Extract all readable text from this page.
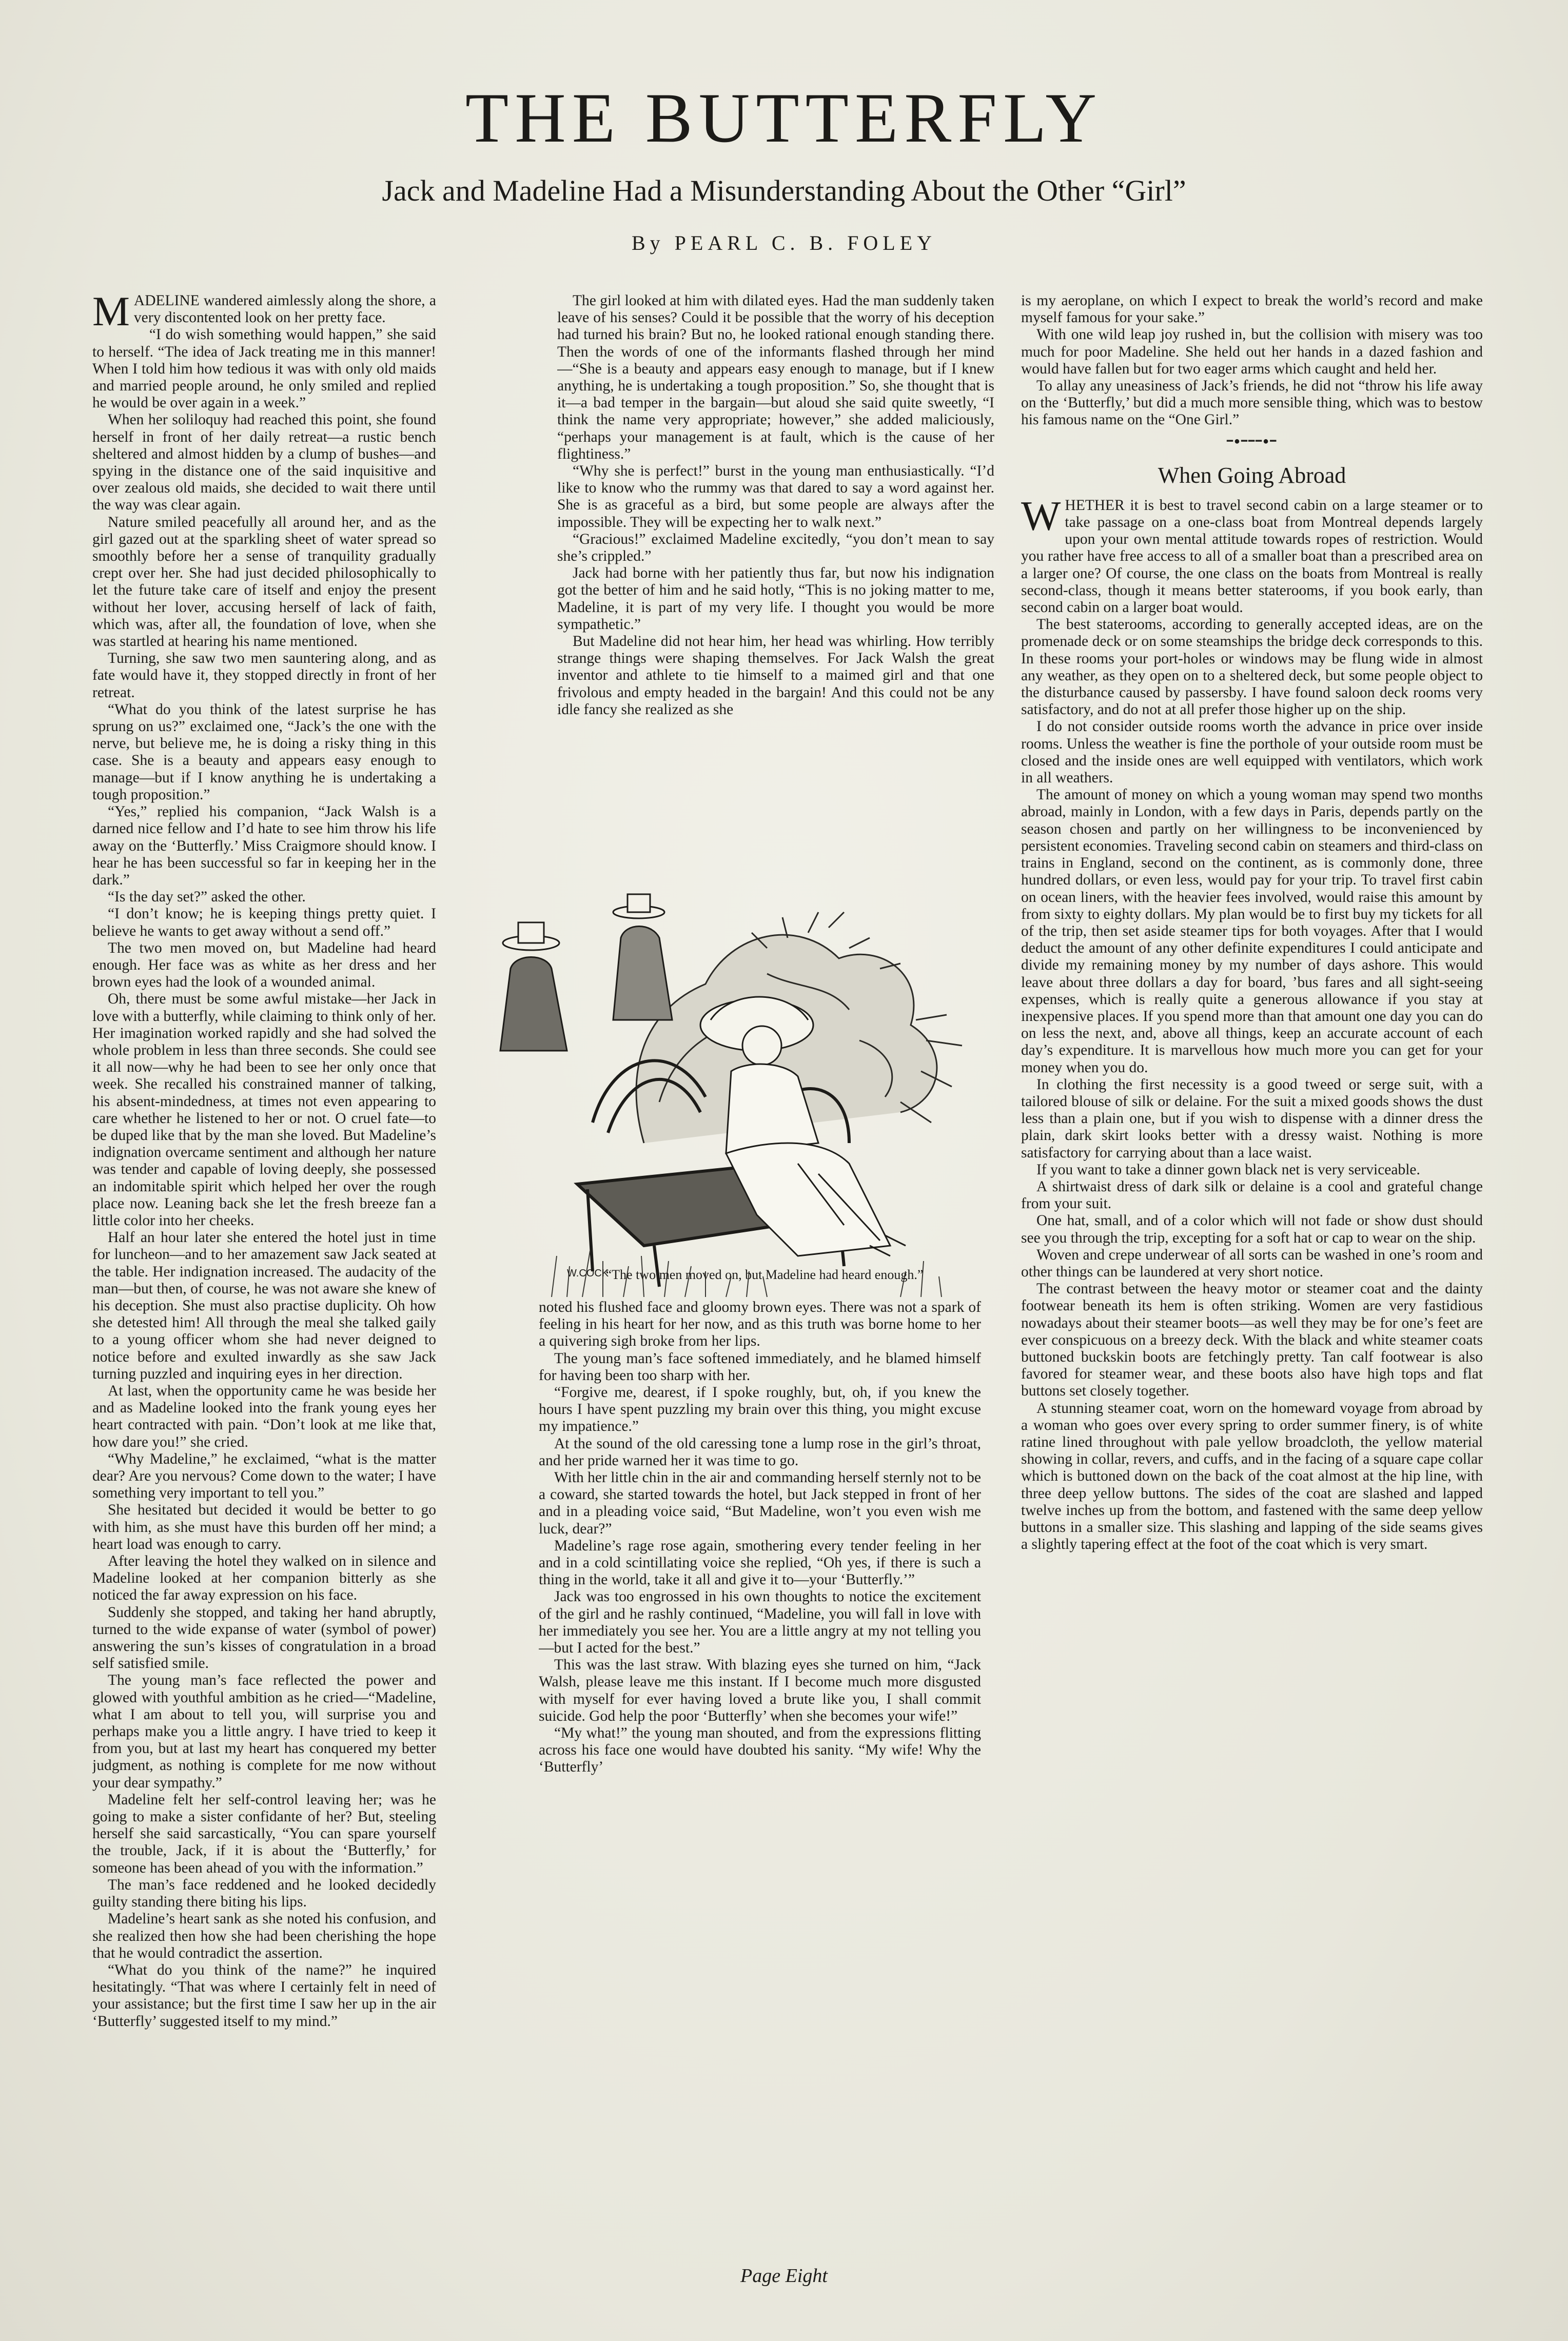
THE BUTTERFLY
Jack and Madeline Had a Misunderstanding About the Other “Girl”
By PEARL C. B. FOLEY
M ADELINE wandered aimlessly along the shore, a very discontented look on her pretty face.

“I do wish something would happen,” she said to herself. “The idea of Jack treating me in this manner! When I told him how tedious it was with only old maids and married people around, he only smiled and replied he would be over again in a week.”

When her soliloquy had reached this point, she found herself in front of her daily retreat—a rustic bench sheltered and almost hidden by a clump of bushes—and spying in the distance one of the said inquisitive and over zealous old maids, she decided to wait there until the way was clear again.

Nature smiled peacefully all around her, and as the girl gazed out at the sparkling sheet of water spread so smoothly before her a sense of tranquility gradually crept over her. She had just decided philosophically to let the future take care of itself and enjoy the present without her lover, accusing herself of lack of faith, which was, after all, the foundation of love, when she was startled at hearing his name mentioned.

Turning, she saw two men sauntering along, and as fate would have it, they stopped directly in front of her retreat.

“What do you think of the latest surprise he has sprung on us?” exclaimed one, “Jack’s the one with the nerve, but believe me, he is doing a risky thing in this case. She is a beauty and appears easy enough to manage—but if I know anything he is undertaking a tough proposition.”

“Yes,” replied his companion, “Jack Walsh is a darned nice fellow and I’d hate to see him throw his life away on the ‘Butterfly.’ Miss Craigmore should know. I hear he has been successful so far in keeping her in the dark.”

“Is the day set?” asked the other.

“I don’t know; he is keeping things pretty quiet. I believe he wants to get away without a send off.”

The two men moved on, but Madeline had heard enough. Her face was as white as her dress and her brown eyes had the look of a wounded animal.

Oh, there must be some awful mistake—her Jack in love with a butterfly, while claiming to think only of her. Her imagination worked rapidly and she had solved the whole problem in less than three seconds. She could see it all now—why he had been to see her only once that week. She recalled his constrained manner of talking, his absent-mindedness, at times not even appearing to care whether he listened to her or not. O cruel fate—to be duped like that by the man she loved. But Madeline’s indignation overcame sentiment and although her nature was tender and capable of loving deeply, she possessed an indomitable spirit which helped her over the rough place now. Leaning back she let the fresh breeze fan a little color into her cheeks.

Half an hour later she entered the hotel just in time for luncheon—and to her amazement saw Jack seated at the table. Her indignation increased. The audacity of the man—but then, of course, he was not aware she knew of his deception. She must also practise duplicity. Oh how she detested him! All through the meal she talked gaily to a young officer whom she had never deigned to notice before and exulted inwardly as she saw Jack turning puzzled and inquiring eyes in her direction.

At last, when the opportunity came he was beside her and as Madeline looked into the frank young eyes her heart contracted with pain. “Don’t look at me like that, how dare you!” she cried.

“Why Madeline,” he exclaimed, “what is the matter dear? Are you nervous? Come down to the water; I have something very important to tell you.”

She hesitated but decided it would be better to go with him, as she must have this burden off her mind; a heart load was enough to carry.

After leaving the hotel they walked on in silence and Madeline looked at her companion bitterly as she noticed the far away expression on his face.

Suddenly she stopped, and taking her hand abruptly, turned to the wide expanse of water (symbol of power) answering the sun’s kisses of congratulation in a broad self satisfied smile.

The young man’s face reflected the power and glowed with youthful ambition as he cried—“Madeline, what I am about to tell you, will surprise you and perhaps make you a little angry. I have tried to keep it from you, but at last my heart has conquered my better judgment, as nothing is complete for me now without your dear sympathy.”

Madeline felt her self-control leaving her; was he going to make a sister confidante of her? But, steeling herself she said sarcastically, “You can spare yourself the trouble, Jack, if it is about the ‘Butterfly,’ for someone has been ahead of you with the information.”

The man’s face reddened and he looked decidedly guilty standing there biting his lips.

Madeline’s heart sank as she noted his confusion, and she realized then how she had been cherishing the hope that he would contradict the assertion.

“What do you think of the name?” he inquired hesitatingly. “That was where I certainly felt in need of your assistance; but the first time I saw her up in the air ‘Butterfly’ suggested itself to my mind.”

The girl looked at him with dilated eyes. Had the man suddenly taken leave of his senses? Could it be possible that the worry of his deception had turned his brain? But no, he looked rational enough standing there. Then the words of one of the informants flashed through her mind—“She is a beauty and appears easy enough to manage, but if I knew anything, he is undertaking a tough proposition.” So, she thought that is it—a bad temper in the bargain—but aloud she said quite sweetly, “I think the name very appropriate; however,” she added maliciously, “perhaps your management is at fault, which is the cause of her flightiness.”

“Why she is perfect!” burst in the young man enthusiastically. “I’d like to know who the rummy was that dared to say a word against her. She is as graceful as a bird, but some people are always after the impossible. They will be expecting her to walk next.”

“Gracious!” exclaimed Madeline excitedly, “you don’t mean to say she’s crippled.”

Jack had borne with her patiently thus far, but now his indignation got the better of him and he said hotly, “This is no joking matter to me, Madeline, it is part of my very life. I thought you would be more sympathetic.”

But Madeline did not hear him, her head was whirling. How terribly strange things were shaping themselves. For Jack Walsh the great inventor and athlete to tie himself to a maimed girl and that one frivolous and empty headed in the bargain! And this could not be any idle fancy she realized as she

is my aeroplane, on which I expect to break the world’s record and make myself famous for your sake.”

With one wild leap joy rushed in, but the collision with misery was too much for poor Madeline. She held out her hands in a dazed fashion and would have fallen but for two eager arms which caught and held her.

To allay any uneasiness of Jack’s friends, he did not “throw his life away on the ‘Butterfly,’ but did a much more sensible thing, which was to bestow his famous name on the “One Girl.”

━●━━━●━
When Going Abroad
W HETHER it is best to travel second cabin on a large steamer or to take passage on a one-class boat from Montreal depends largely upon your own mental attitude towards ropes of restriction. Would you rather have free access to all of a smaller boat than a prescribed area on a larger one? Of course, the one class on the boats from Montreal is really second-class, though it means better staterooms, if you book early, than second cabin on a larger boat would.

The best staterooms, according to generally accepted ideas, are on the promenade deck or on some steamships the bridge deck corresponds to this. In these rooms your port-holes or windows may be flung wide in almost any weather, as they open on to a sheltered deck, but some people object to the disturbance caused by passersby. I have found saloon deck rooms very satisfactory, and do not at all prefer those higher up on the ship.

I do not consider outside rooms worth the advance in price over inside rooms. Unless the weather is fine the porthole of your outside room must be closed and the inside ones are well equipped with ventilators, which work in all weathers.

The amount of money on which a young woman may spend two months abroad, mainly in London, with a few days in Paris, depends partly on the season chosen and partly on her willingness to be inconvenienced by persistent economies. Traveling second cabin on steamers and third-class on trains in England, second on the continent, as is commonly done, three hundred dollars, or even less, would pay for your trip. To travel first cabin on ocean liners, with the heavier fees involved, would raise this amount by from sixty to eighty dollars. My plan would be to first buy my tickets for all of the trip, then set aside steamer tips for both voyages. After that I would deduct the amount of any other definite expenditures I could anticipate and divide my remaining money by my number of days ashore. This would leave about three dollars a day for board, ’bus fares and all sight-seeing expenses, which is really quite a generous allowance if you stay at inexpensive places. If you spend more than that amount one day you can do on less the next, and, above all things, keep an accurate account of each day’s expenditure. It is marvellous how much more you can get for your money when you do.

In clothing the first necessity is a good tweed or serge suit, with a tailored blouse of silk or delaine. For the suit a mixed goods shows the dust less than a plain one, but if you wish to dispense with a dinner dress the plain, dark skirt looks better with a dressy waist. Nothing is more satisfactory for carrying about than a lace waist.

If you want to take a dinner gown black net is very serviceable.

A shirtwaist dress of dark silk or delaine is a cool and grateful change from your suit.

One hat, small, and of a color which will not fade or show dust should see you through the trip, excepting for a soft hat or cap to wear on the ship.

Woven and crepe underwear of all sorts can be washed in one’s room and other things can be laundered at very short notice.

The contrast between the heavy motor or steamer coat and the dainty footwear beneath its hem is often striking. Women are very fastidious nowadays about their steamer boots—as well they may be for one’s feet are ever conspicuous on a breezy deck. With the black and white steamer coats buttoned buckskin boots are fetchingly pretty. Tan calf footwear is also favored for steamer wear, and these boots also have high tops and flat buttons set closely together.

A stunning steamer coat, worn on the homeward voyage from abroad by a woman who goes over every spring to order summer finery, is of white ratine lined throughout with pale yellow broadcloth, the yellow material showing in collar, revers, and cuffs, and in the facing of a square cape collar which is buttoned down on the back of the coat almost at the hip line, with three deep yellow buttons. The sides of the coat are slashed and lapped twelve inches up from the bottom, and fastened with the same deep yellow buttons in a smaller size. This slashing and lapping of the side seams gives a slightly tapering effect at the foot of the coat which is very smart.

W.COCK
“The two men moved on, but Madeline had heard enough.”

noted his flushed face and gloomy brown eyes. There was not a spark of feeling in his heart for her now, and as this truth was borne home to her a quivering sigh broke from her lips.

The young man’s face softened immediately, and he blamed himself for having been too sharp with her.

“Forgive me, dearest, if I spoke roughly, but, oh, if you knew the hours I have spent puzzling my brain over this thing, you might excuse my impatience.”

At the sound of the old caressing tone a lump rose in the girl’s throat, and her pride warned her it was time to go.

With her little chin in the air and commanding herself sternly not to be a coward, she started towards the hotel, but Jack stepped in front of her and in a pleading voice said, “But Madeline, won’t you even wish me luck, dear?”

Madeline’s rage rose again, smothering every tender feeling in her and in a cold scintillating voice she replied, “Oh yes, if there is such a thing in the world, take it all and give it to—your ‘Butterfly.’”

Jack was too engrossed in his own thoughts to notice the excitement of the girl and he rashly continued, “Madeline, you will fall in love with her immediately you see her. You are a little angry at my not telling you—but I acted for the best.”

This was the last straw. With blazing eyes she turned on him, “Jack Walsh, please leave me this instant. If I become much more disgusted with myself for ever having loved a brute like you, I shall commit suicide. God help the poor ‘Butterfly’ when she becomes your wife!”

“My what!” the young man shouted, and from the expressions flitting across his face one would have doubted his sanity. “My wife! Why the ‘Butterfly’

Page Eight
